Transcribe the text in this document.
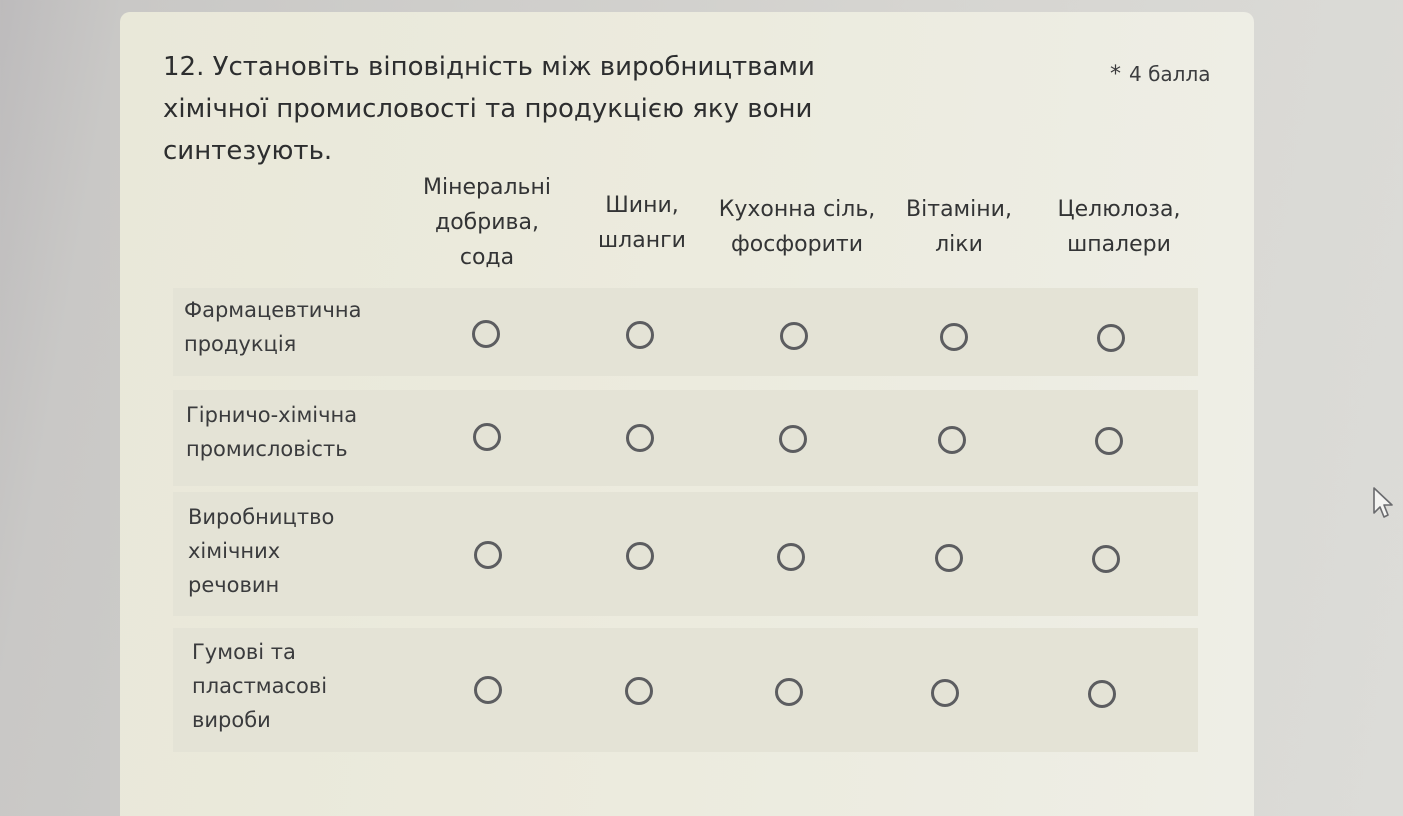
12. Установіть віповідність між виробництвами хімічної промисловості та продукцією яку вони синтезують.
* 4 балла
Мінеральні добрива, сода
Шини, шланги
Кухонна сіль, фосфорити
Вітаміни, ліки
Целюлоза, шпалери
Фармацевтична продукція
Гірничо-хімічна промисловість
Виробництво хімічних речовин
Гумові та пластмасові вироби
